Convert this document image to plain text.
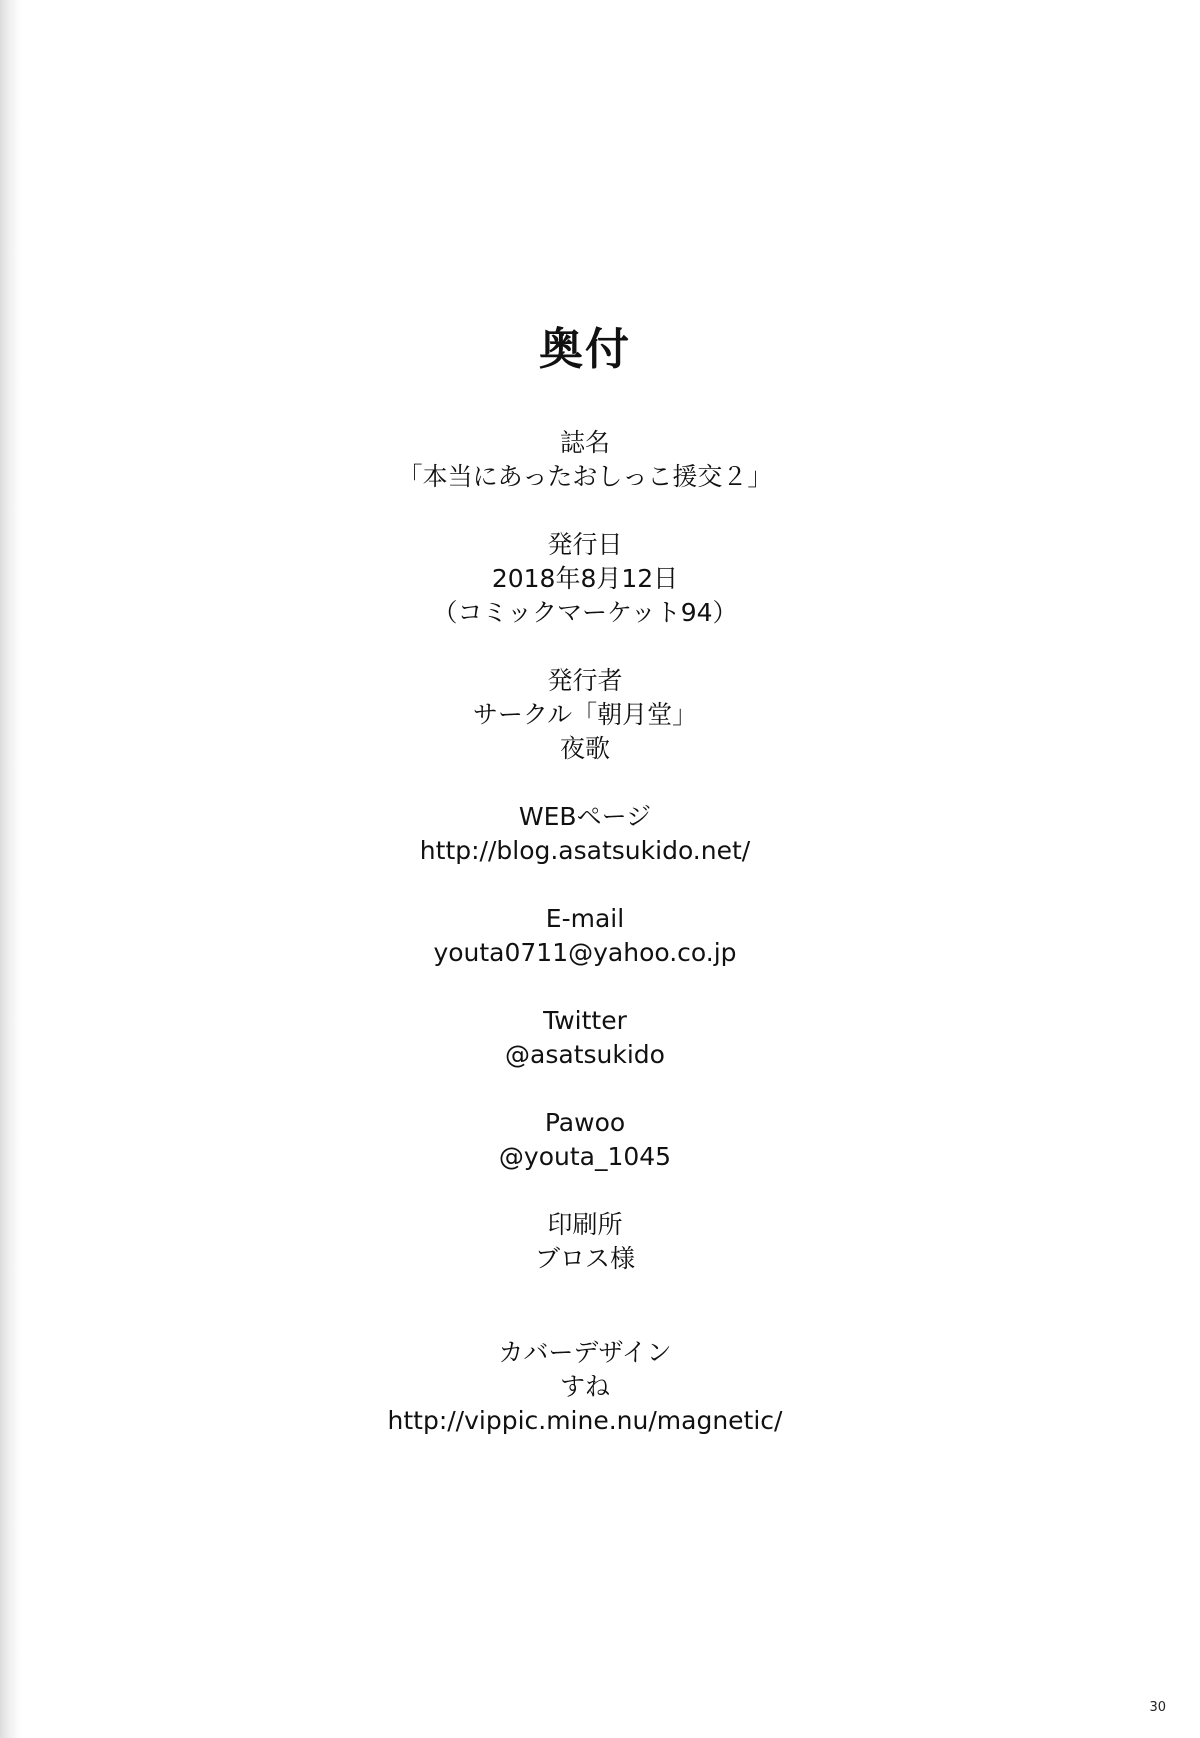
奥付
誌名
「本当にあったおしっこ援交２」
発行日
2018年8月12日
（コミックマーケット94）
発行者
サークル「朝月堂」
夜歌
WEBページ
http://blog.asatsukido.net/
E-mail
youta0711@yahoo.co.jp
Twitter
@asatsukido
Pawoo
@youta_1045
印刷所
ブロス様
カバーデザイン
すね
http://vippic.mine.nu/magnetic/
30
